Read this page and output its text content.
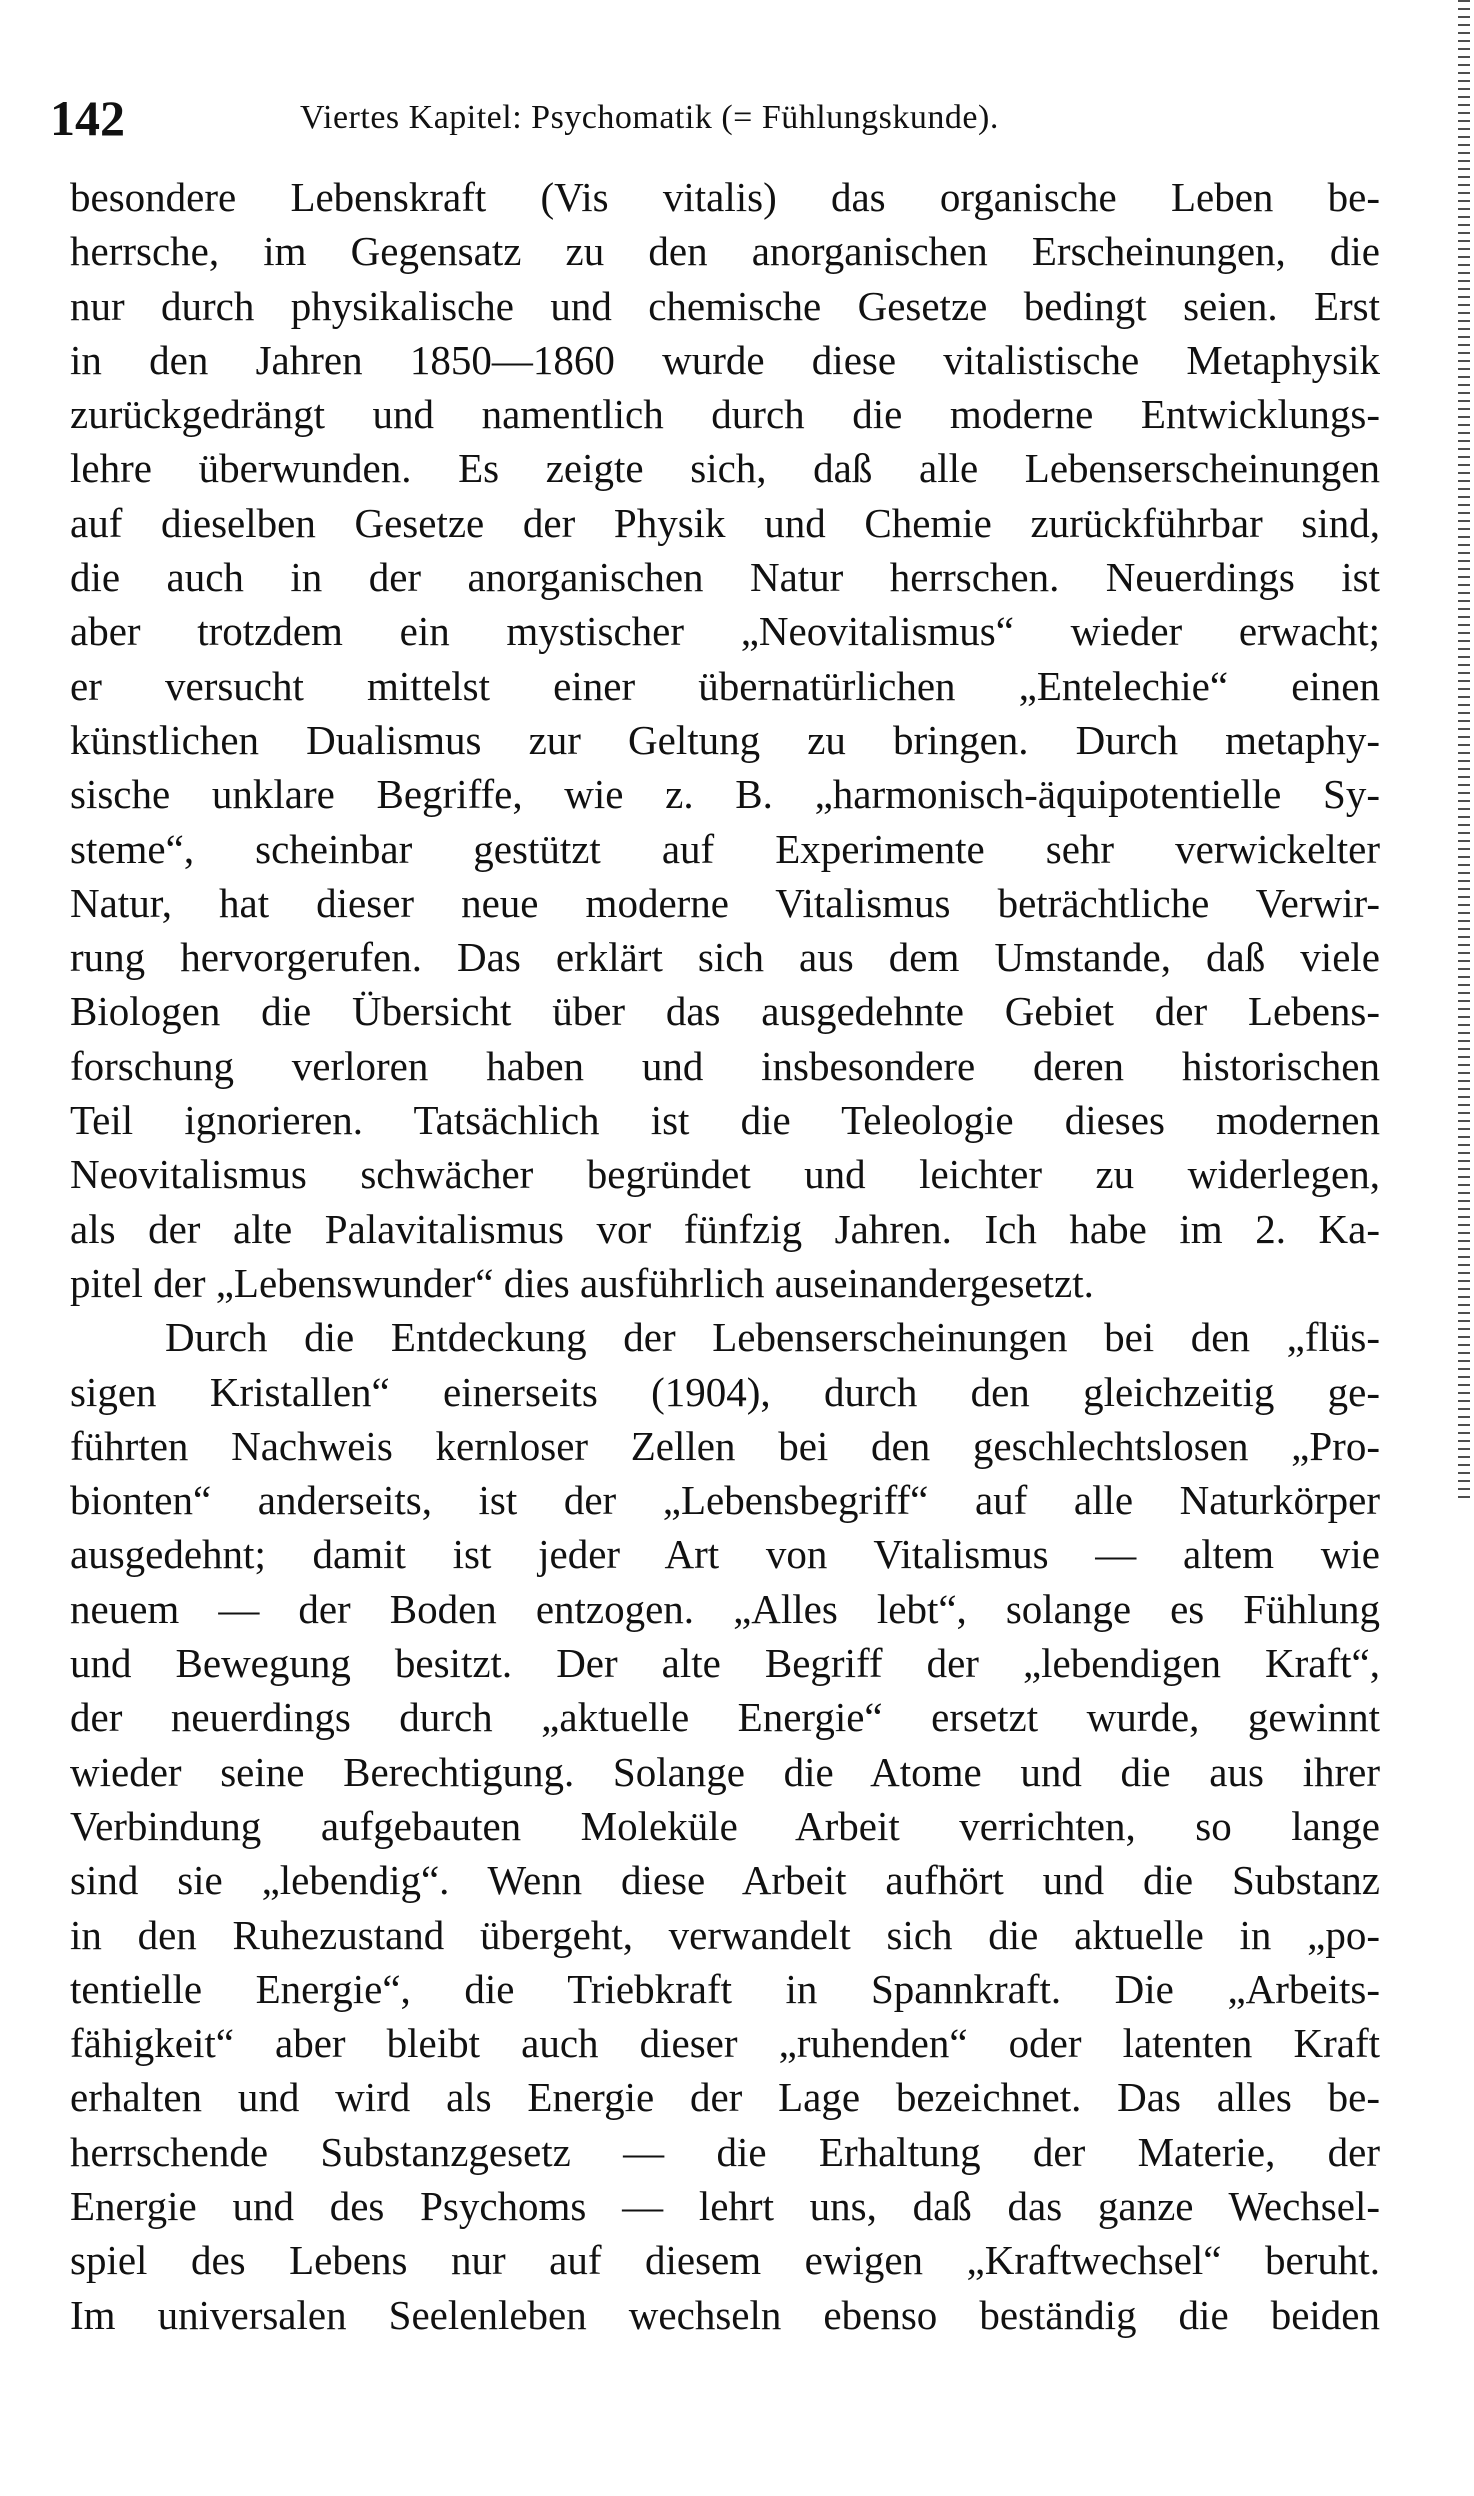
142	Viertes Kapitel: Psychomatik (= Fühlungskunde).
besondere Lebenskraft (Vis vitalis) das organische Leben be-
herrsche, im Gegensatz zu den anorganischen Erscheinungen, die
nur durch physikalische und chemische Gesetze bedingt seien. Erst
in den Jahren 1850—1860 wurde diese vitalistische Metaphysik
zurückgedrängt und namentlich durch die moderne Entwicklungs-
lehre überwunden. Es zeigte sich, daß alle Lebenserscheinungen
auf dieselben Gesetze der Physik und Chemie zurückführbar sind,
die auch in der anorganischen Natur herrschen. Neuerdings ist
aber trotzdem ein mystischer „Neovitalismus“ wieder erwacht;
er versucht mittelst einer übernatürlichen „Entelechie“ einen
künstlichen Dualismus zur Geltung zu bringen. Durch metaphy-
sische unklare Begriffe, wie z. B. „harmonisch-äquipotentielle Sy-
steme“, scheinbar gestützt auf Experimente sehr verwickelter
Natur, hat dieser neue moderne Vitalismus beträchtliche Verwir-
rung hervorgerufen. Das erklärt sich aus dem Umstande, daß viele
Biologen die Übersicht über das ausgedehnte Gebiet der Lebens-
forschung verloren haben und insbesondere deren historischen
Teil ignorieren. Tatsächlich ist die Teleologie dieses modernen
Neovitalismus schwächer begründet und leichter zu widerlegen,
als der alte Palavitalismus vor fünfzig Jahren. Ich habe im 2. Ka-
pitel der „Lebenswunder“ dies ausführlich auseinandergesetzt.
Durch die Entdeckung der Lebenserscheinungen bei den „flüs-
sigen Kristallen“ einerseits (1904), durch den gleichzeitig ge-
führten Nachweis kernloser Zellen bei den geschlechtslosen „Pro-
bionten“ anderseits, ist der „Lebensbegriff“ auf alle Naturkörper
ausgedehnt; damit ist jeder Art von Vitalismus — altem wie
neuem — der Boden entzogen. „Alles lebt“, solange es Fühlung
und Bewegung besitzt. Der alte Begriff der „lebendigen Kraft“,
der neuerdings durch „aktuelle Energie“ ersetzt wurde, gewinnt
wieder seine Berechtigung. Solange die Atome und die aus ihrer
Verbindung aufgebauten Moleküle Arbeit verrichten, so lange
sind sie „lebendig“. Wenn diese Arbeit aufhört und die Substanz
in den Ruhezustand übergeht, verwandelt sich die aktuelle in „po-
tentielle Energie“, die Triebkraft in Spannkraft. Die „Arbeits-
fähigkeit“ aber bleibt auch dieser „ruhenden“ oder latenten Kraft
erhalten und wird als Energie der Lage bezeichnet. Das alles be-
herrschende Substanzgesetz — die Erhaltung der Materie, der
Energie und des Psychoms — lehrt uns, daß das ganze Wechsel-
spiel des Lebens nur auf diesem ewigen „Kraftwechsel“ beruht.
Im universalen Seelenleben wechseln ebenso beständig die beiden
